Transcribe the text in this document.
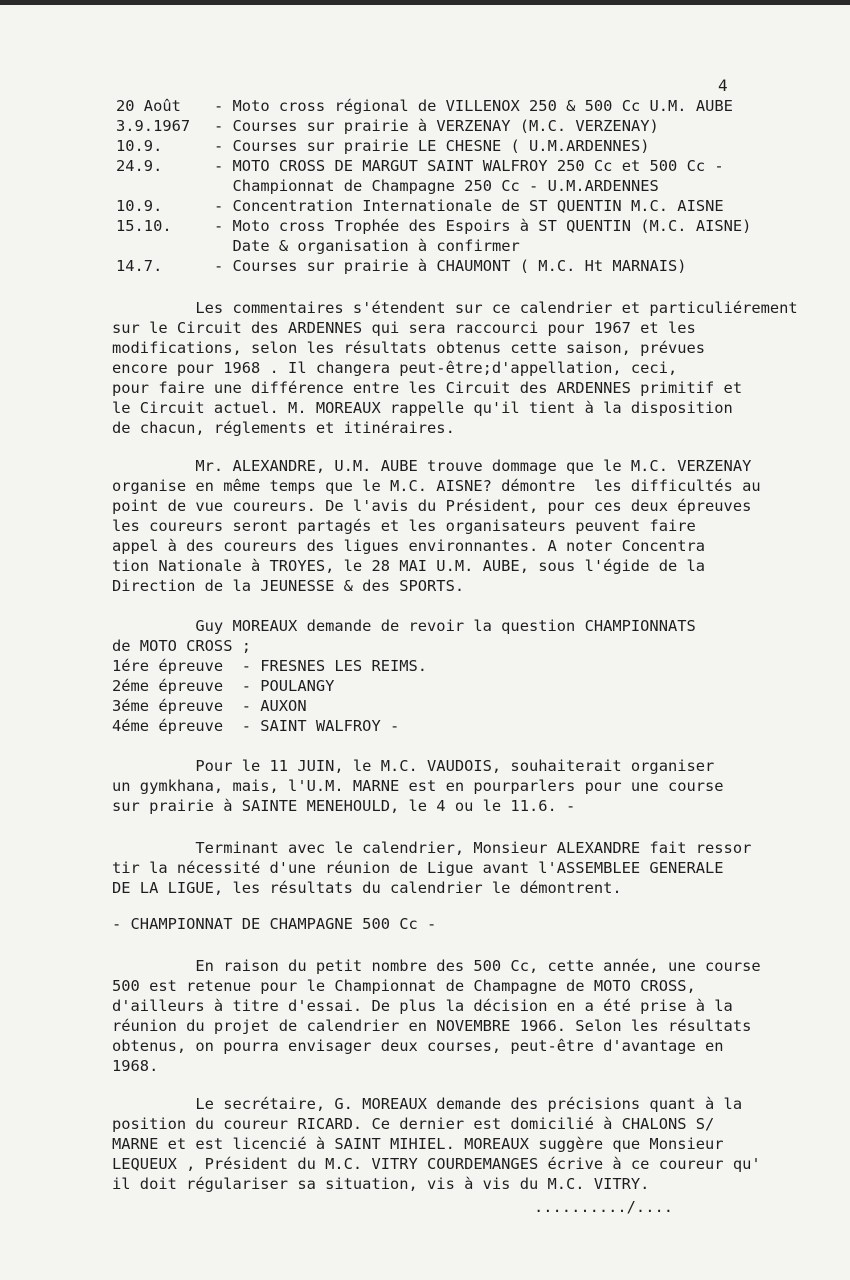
4
20 Août - Moto cross régional de VILLENOX 250 & 500 Cc U.M. AUBE
3.9.1967 - Courses sur prairie à VERZENAY (M.C. VERZENAY)
10.9.	- Courses sur prairie LE CHESNE ( U.M.ARDENNES)
24.9.	- MOTO CROSS DE MARGUT SAINT WALFROY 250 Cc et 500 Cc -
Championnat de Champagne 250 Cc - U.M.ARDENNES
10.9.	- Concentration Internationale de ST QUENTIN M.C. AISNE
15.10.	- Moto cross Trophée des Espoirs à ST QUENTIN (M.C. AISNE)
Date & organisation à confirmer
14.7.	- Courses sur prairie à CHAUMONT ( M.C. Ht MARNAIS)
Les commentaires s'étendent sur ce calendrier et particuliérement
sur le Circuit des ARDENNES qui sera raccourci pour 1967 et les
modifications, selon les résultats obtenus cette saison, prévues
encore pour 1968 . Il changera peut-être;d'appellation, ceci,
pour faire une différence entre les Circuit des ARDENNES primitif et
le Circuit actuel. M. MOREAUX rappelle qu'il tient à la disposition
de chacun, réglements et itinéraires.
Mr. ALEXANDRE, U.M. AUBE trouve dommage que le M.C. VERZENAY
organise en même temps que le M.C. AISNE? démontre  les difficultés au
point de vue coureurs. De l'avis du Président, pour ces deux épreuves
les coureurs seront partagés et les organisateurs peuvent faire
appel à des coureurs des ligues environnantes. A noter Concentra
tion Nationale à TROYES, le 28 MAI U.M. AUBE, sous l'égide de la
Direction de la JEUNESSE & des SPORTS.
Guy MOREAUX demande de revoir la question CHAMPIONNATS
de MOTO CROSS ;
1ére épreuve  - FRESNES LES REIMS.
2éme épreuve  - POULANGY
3éme épreuve  - AUXON
4éme épreuve  - SAINT WALFROY -
Pour le 11 JUIN, le M.C. VAUDOIS, souhaiterait organiser
un gymkhana, mais, l'U.M. MARNE est en pourparlers pour une course
sur prairie à SAINTE MENEHOULD, le 4 ou le 11.6. -
Terminant avec le calendrier, Monsieur ALEXANDRE fait ressor
tir la nécessité d'une réunion de Ligue avant l'ASSEMBLEE GENERALE
DE LA LIGUE, les résultats du calendrier le démontrent.
- CHAMPIONNAT DE CHAMPAGNE 500 Cc -
En raison du petit nombre des 500 Cc, cette année, une course
500 est retenue pour le Championnat de Champagne de MOTO CROSS,
d'ailleurs à titre d'essai. De plus la décision en a été prise à la
réunion du projet de calendrier en NOVEMBRE 1966. Selon les résultats
obtenus, on pourra envisager deux courses, peut-être d'avantage en
1968.
Le secrétaire, G. MOREAUX demande des précisions quant à la
position du coureur RICARD. Ce dernier est domicilié à CHALONS S/
MARNE et est licencié à SAINT MIHIEL. MOREAUX suggère que Monsieur
LEQUEUX , Président du M.C. VITRY COURDEMANGES écrive à ce coureur qu'
il doit régulariser sa situation, vis à vis du M.C. VITRY.
........../....
